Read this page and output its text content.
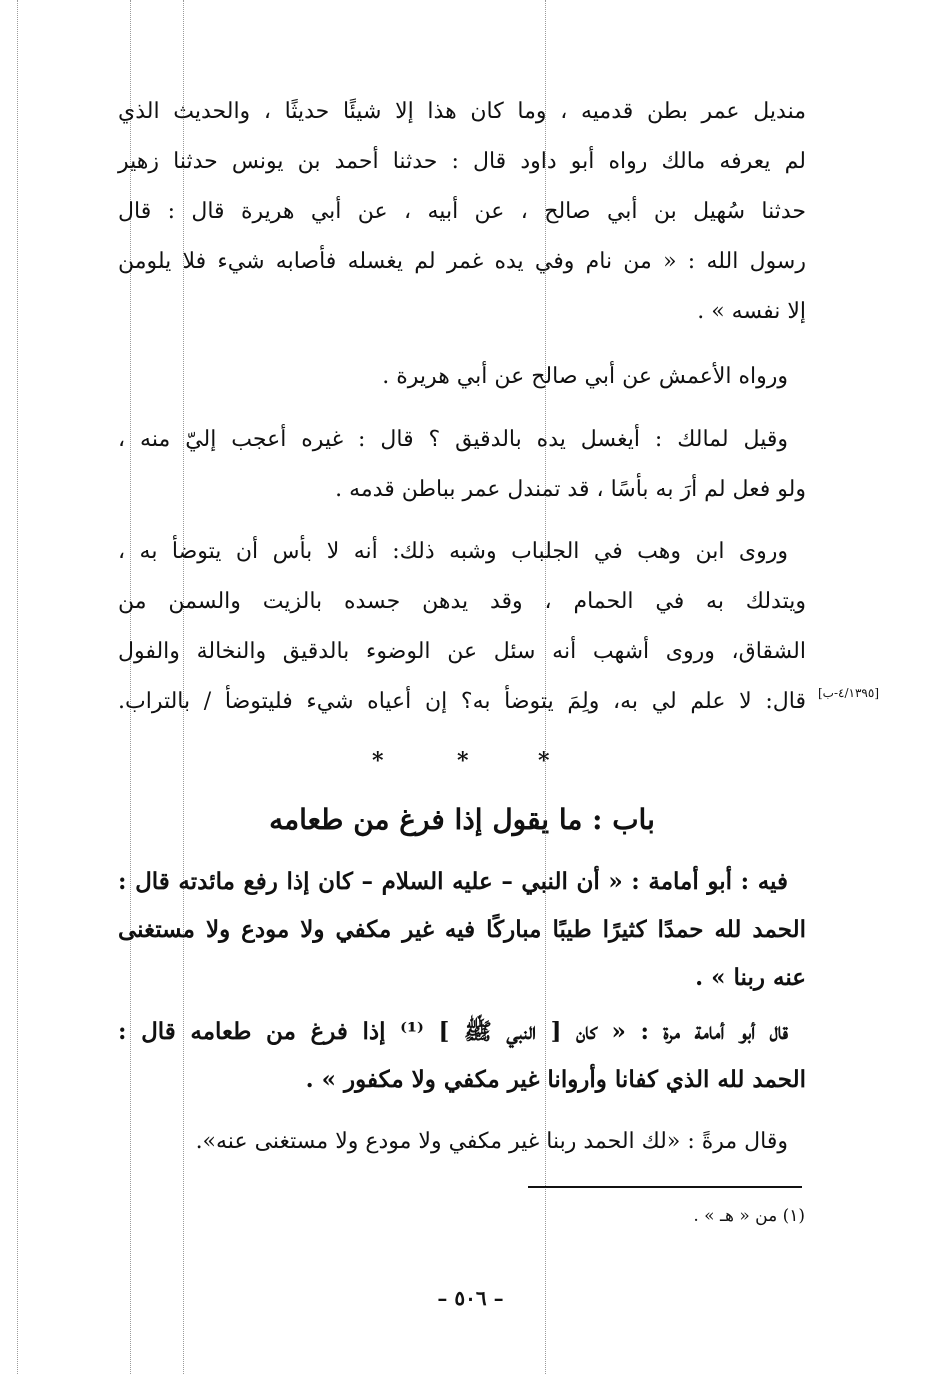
منديل عمر بطن قدميه ، وما كان هذا إلا شيئًا حديثًا ، والحديث الذي
لم يعرفه مالك رواه أبو داود قال : حدثنا أحمد بن يونس حدثنا زهير
حدثنا سُهيل بن أبي صالح ، عن أبيه ، عن أبي هريرة قال : قال
رسول الله : « من نام وفي يده غمر لم يغسله فأصابه شيء فلا يلومن
إلا نفسه » .
ورواه الأعمش عن أبي صالح عن أبي هريرة .
وقيل لمالك : أيغسل يده بالدقيق ؟ قال : غيره أعجب إليّ منه ،
ولو فعل لم أرَ به بأسًا ، قد تمندل عمر بباطن قدمه .
وروى ابن وهب في الجلباب وشبه ذلك: أنه لا بأس أن يتوضأ به ،
ويتدلك به في الحمام ، وقد يدهن جسده بالزيت والسمن من
الشقاق، وروى أشهب أنه سئل عن الوضوء بالدقيق والنخالة والفول
قال: لا علم لي به، ولِمَ يتوضأ به؟ إن أعياه شيء فليتوضأ / بالتراب. [٤/١٣٩٥-ب]
*	*	*
باب : ما يقول إذا فرغ من طعامه
فيه : أبو أمامة : « أن النبي – عليه السلام – كان إذا رفع مائدته قال :
الحمد لله حمدًا كثيرًا طيبًا مباركًا فيه غير مكفي ولا مودع ولا مستغنى
عنه ربنا » .
قال أبو أمامة مرة : « كان [ النبي ﷺ ] ⁽¹⁾ إذا فرغ من طعامه قال :
الحمد لله الذي كفانا وأروانا غير مكفي ولا مكفور » .
وقال مرةً : «لك الحمد ربنا غير مكفي ولا مودع ولا مستغنى عنه».
(١) من « هـ » .
– ٥٠٦ –
